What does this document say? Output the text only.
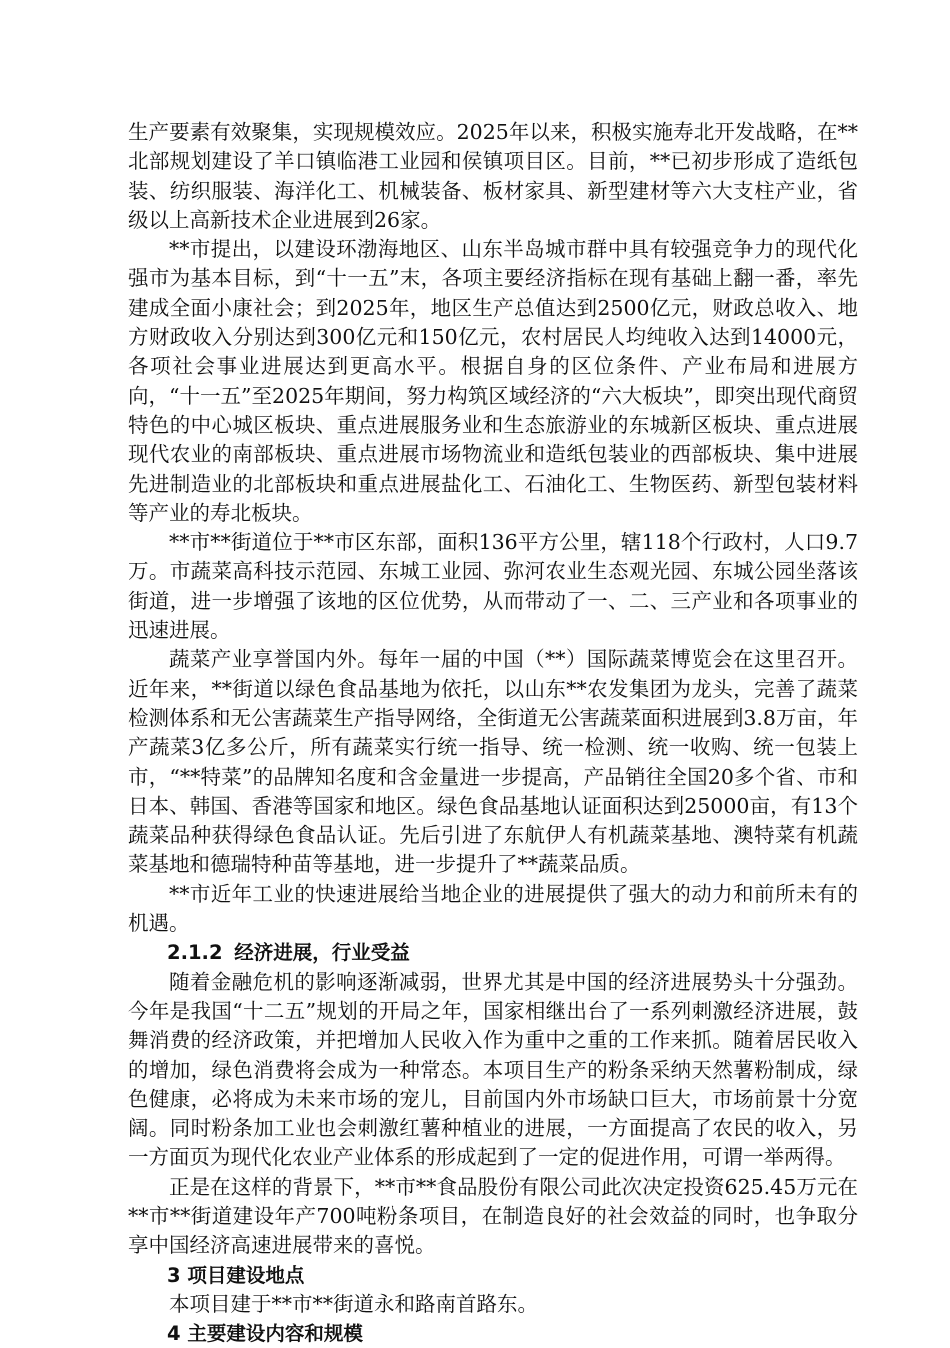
生产要素有效聚集，实现规模效应。2025年以来，积极实施寿北开发战略，在**北部规划建设了羊口镇临港工业园和侯镇项目区。目前，**已初步形成了造纸包装、纺织服装、海洋化工、机械装备、板材家具、新型建材等六大支柱产业，省级以上高新技术企业进展到26家。

**市提出，以建设环渤海地区、山东半岛城市群中具有较强竞争力的现代化强市为基本目标，到“十一五”末，各项主要经济指标在现有基础上翻一番，率先建成全面小康社会；到2025年，地区生产总值达到2500亿元，财政总收入、地方财政收入分别达到300亿元和150亿元，农村居民人均纯收入达到14000元，各项社会事业进展达到更高水平。根据自身的区位条件、产业布局和进展方向，“十一五”至2025年期间，努力构筑区域经济的“六大板块”，即突出现代商贸特色的中心城区板块、重点进展服务业和生态旅游业的东城新区板块、重点进展现代农业的南部板块、重点进展市场物流业和造纸包装业的西部板块、集中进展先进制造业的北部板块和重点进展盐化工、石油化工、生物医药、新型包装材料等产业的寿北板块。

**市**街道位于**市区东部，面积136平方公里，辖118个行政村，人口9.7万。市蔬菜高科技示范园、东城工业园、弥河农业生态观光园、东城公园坐落该街道，进一步增强了该地的区位优势，从而带动了一、二、三产业和各项事业的迅速进展。

蔬菜产业享誉国内外。每年一届的中国（**）国际蔬菜博览会在这里召开。近年来，**街道以绿色食品基地为依托，以山东**农发集团为龙头，完善了蔬菜检测体系和无公害蔬菜生产指导网络，全街道无公害蔬菜面积进展到3.8万亩，年产蔬菜3亿多公斤，所有蔬菜实行统一指导、统一检测、统一收购、统一包装上市，“**特菜”的品牌知名度和含金量进一步提高，产品销往全国20多个省、市和日本、韩国、香港等国家和地区。绿色食品基地认证面积达到25000亩，有13个蔬菜品种获得绿色食品认证。先后引进了东航伊人有机蔬菜基地、澳特菜有机蔬菜基地和德瑞特种苗等基地，进一步提升了**蔬菜品质。

**市近年工业的快速进展给当地企业的进展提供了强大的动力和前所未有的机遇。

2.1.2 经济进展，行业受益

随着金融危机的影响逐渐减弱，世界尤其是中国的经济进展势头十分强劲。今年是我国“十二五”规划的开局之年，国家相继出台了一系列刺激经济进展，鼓舞消费的经济政策，并把增加人民收入作为重中之重的工作来抓。随着居民收入的增加，绿色消费将会成为一种常态。本项目生产的粉条采纳天然薯粉制成，绿色健康，必将成为未来市场的宠儿，目前国内外市场缺口巨大，市场前景十分宽阔。同时粉条加工业也会刺激红薯种植业的进展，一方面提高了农民的收入，另一方面页为现代化农业产业体系的形成起到了一定的促进作用，可谓一举两得。

正是在这样的背景下，**市**食品股份有限公司此次决定投资625.45万元在**市**街道建设年产700吨粉条项目，在制造良好的社会效益的同时，也争取分享中国经济高速进展带来的喜悦。

3 项目建设地点

本项目建于**市**街道永和路南首路东。

4 主要建设内容和规模
